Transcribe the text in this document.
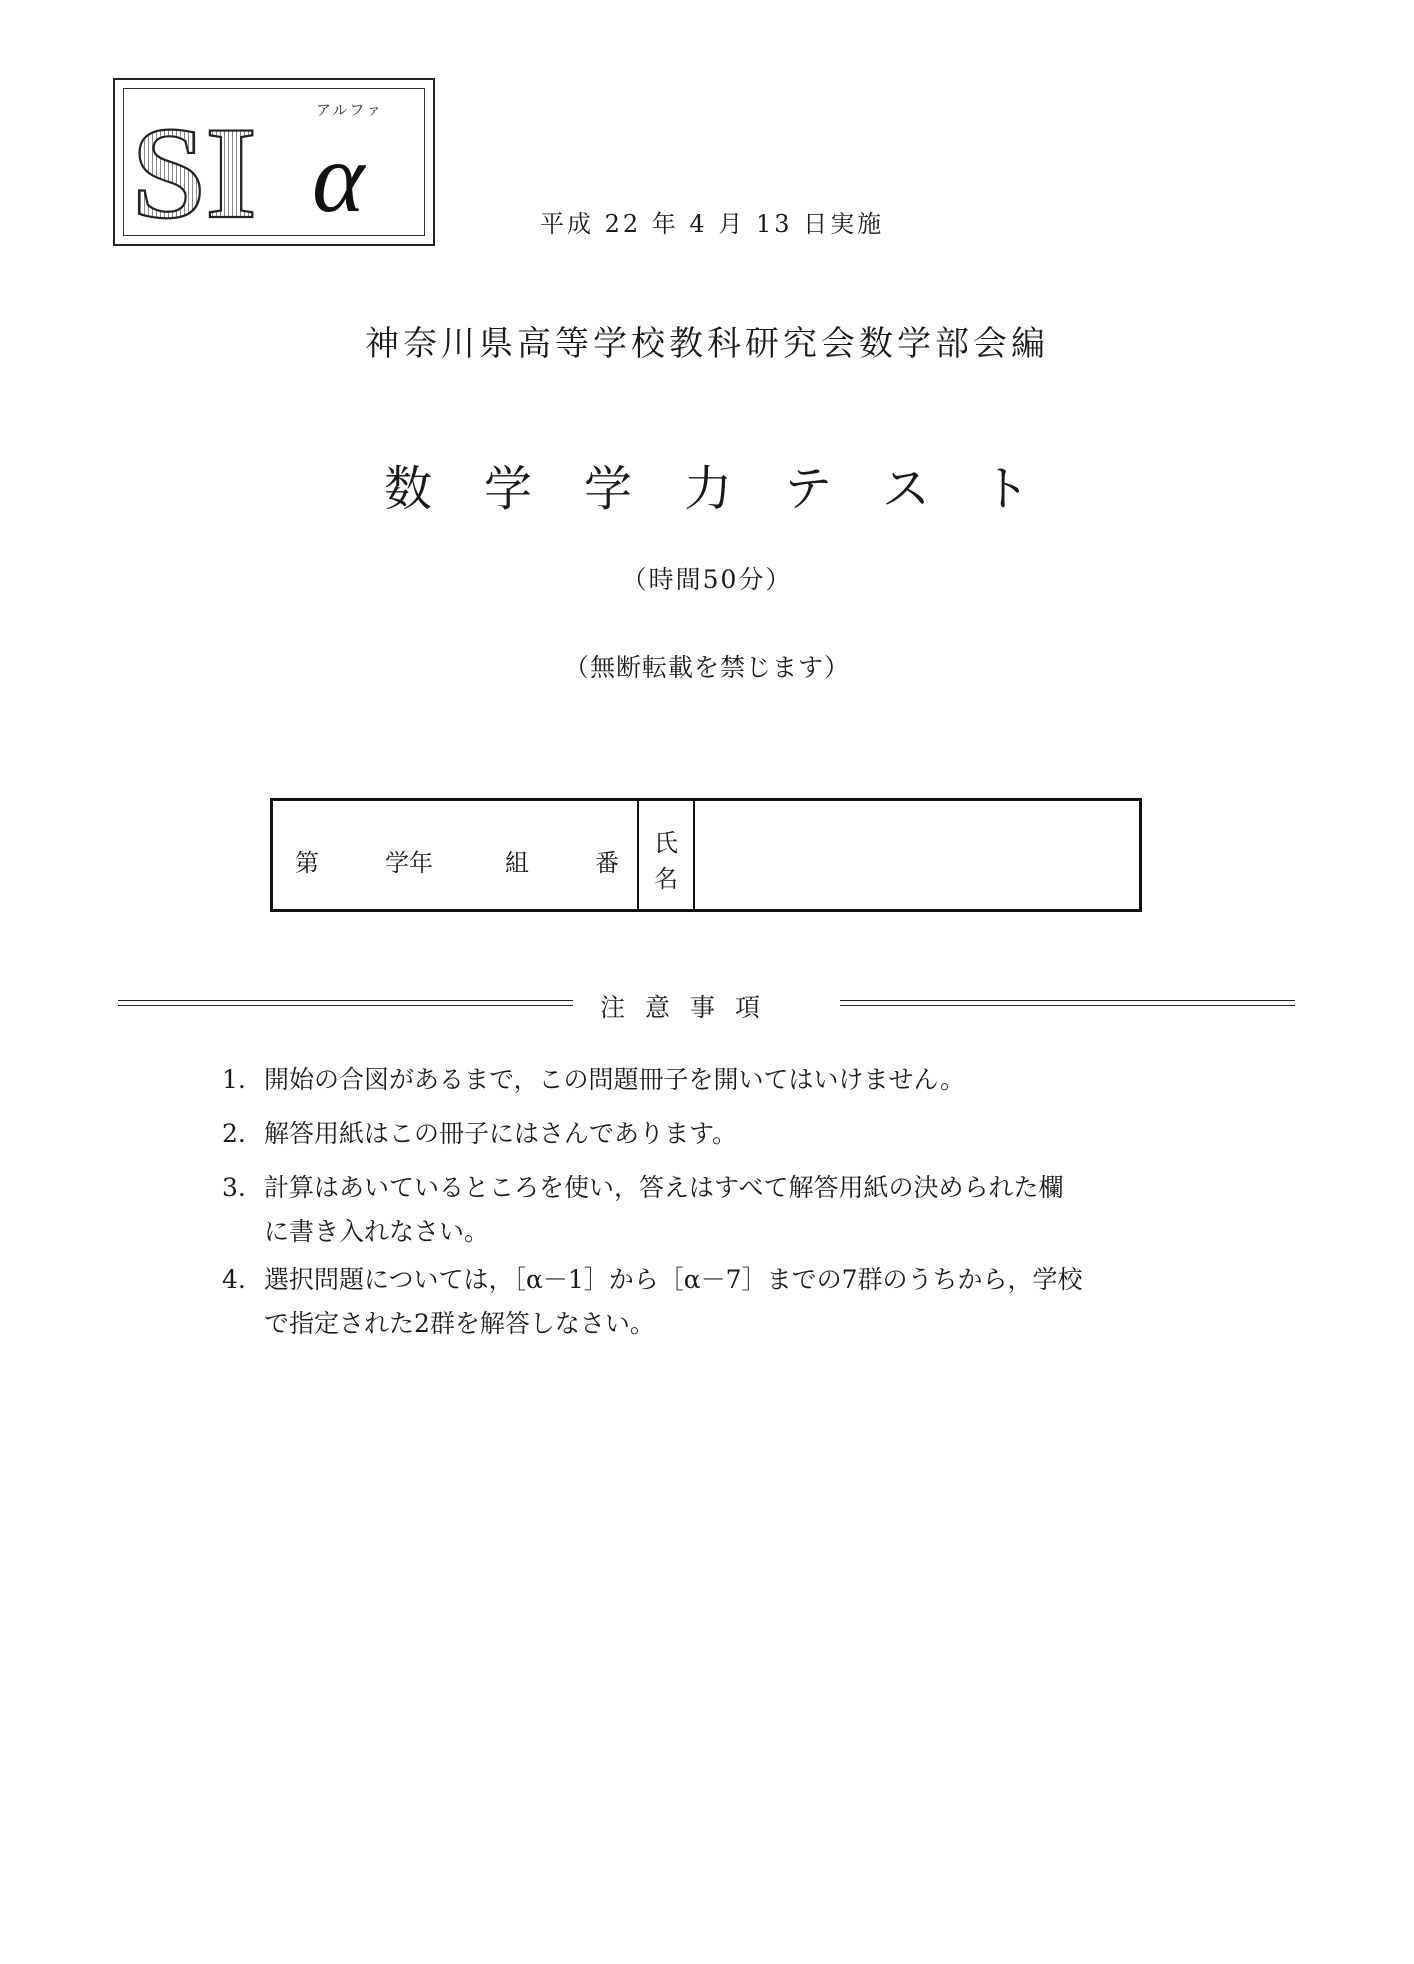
SI α
アルファ
平成 22 年 4 月 13 日実施
神奈川県高等学校教科研究会数学部会編
数学学力テスト
（時間50分）
（無断転載を禁じます）
第	学年	組	番
氏
名
注意事項
1. 開始の合図があるまで，この問題冊子を開いてはいけません。
2. 解答用紙はこの冊子にはさんであります。
3. 計算はあいているところを使い，答えはすべて解答用紙の決められた欄
に書き入れなさい。
4. 選択問題については，［α－1］から［α－7］までの7群のうちから，学校
で指定された2群を解答しなさい。
